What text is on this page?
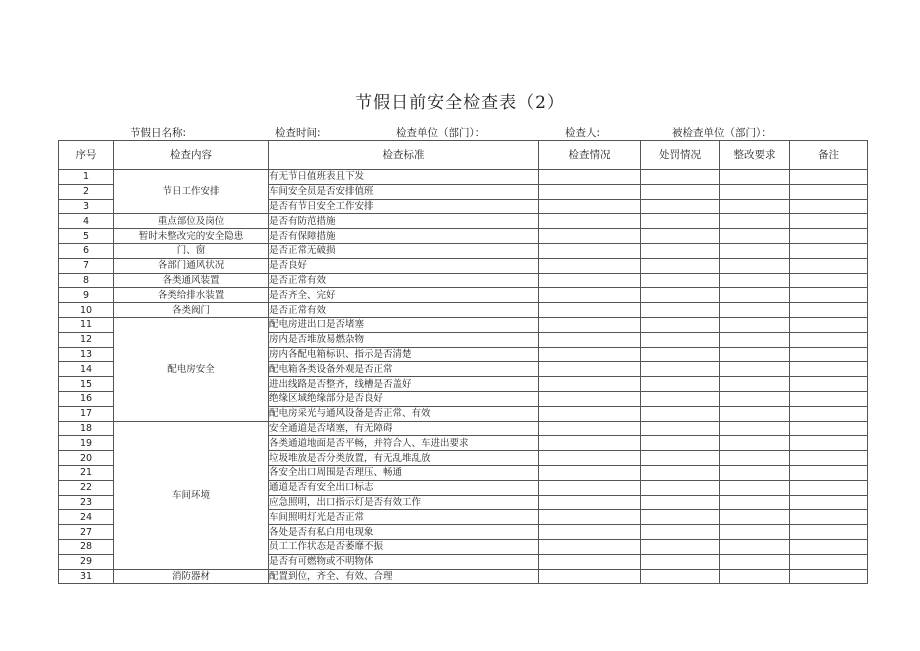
节假日前安全检查表（2）
节假日名称:	检查时间:	检查单位（部门）：	检查人:	被检查单位（部门）：
序号	检查内容	检查标准	检查情况	处罚情况	整改要求	备注
1	节日工作安排	有无节日值班表且下发				
2		车间安全员是否安排值班				
3		是否有节日安全工作安排				
4	重点部位及岗位	是否有防范措施				
5	暂时未整改完的安全隐患	是否有保障措施				
6	门、窗	是否正常无破损				
7	各部门通风状况	是否良好				
8	各类通风装置	是否正常有效				
9	各类给排水装置	是否齐全、完好				
10	各类阀门	是否正常有效				
11	配电房安全	配电房进出口是否堵塞				
12		房内是否堆放易燃杂物				
13		房内各配电箱标识、指示是否清楚				
14		配电箱各类设备外观是否正常				
15		进出线路是否整齐，线槽是否盖好				
16		绝缘区域绝缘部分是否良好				
17		配电房采光与通风设备是否正常、有效				
18	车间环境	安全通道是否堵塞，有无障碍				
19		各类通道地面是否平畅，并符合人、车进出要求				
20		垃圾堆放是否分类放置，有无乱堆乱放				
21		各安全出口周围是否理压、畅通				
22		通道是否有安全出口标志				
23		应急照明，出口指示灯是否有效工作				
24		车间照明灯光是否正常				
27		各处是否有私白用电现象				
28		员工工作状态是否萎靡不振				
29		是否有可燃物或不明物体				
31	消防器材	配置到位，齐全、有效、合理				
